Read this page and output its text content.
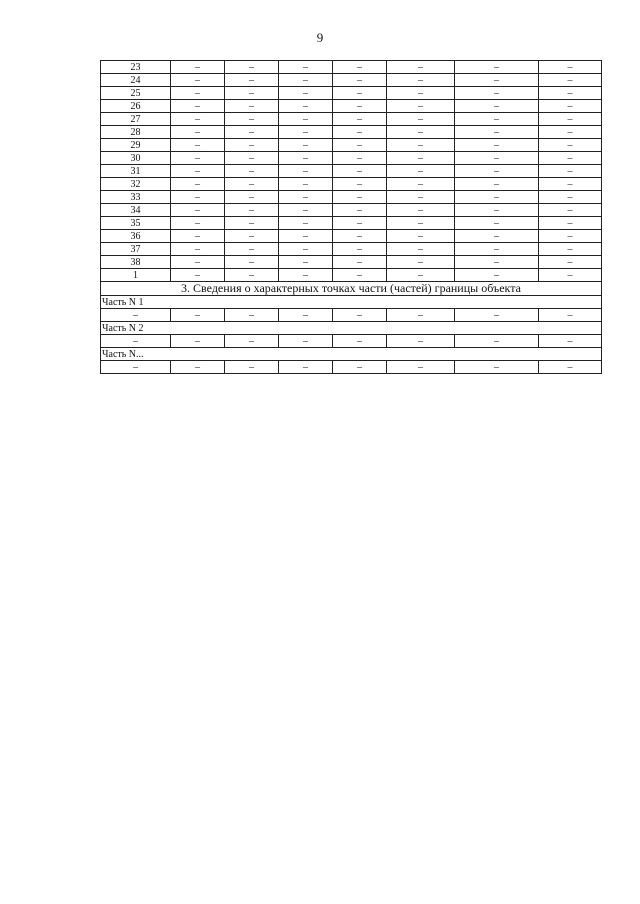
9
23	–	–	–	–	–	–	–
24	–	–	–	–	–	–	–
25	–	–	–	–	–	–	–
26	–	–	–	–	–	–	–
27	–	–	–	–	–	–	–
28	–	–	–	–	–	–	–
29	–	–	–	–	–	–	–
30	–	–	–	–	–	–	–
31	–	–	–	–	–	–	–
32	–	–	–	–	–	–	–
33	–	–	–	–	–	–	–
34	–	–	–	–	–	–	–
35	–	–	–	–	–	–	–
36	–	–	–	–	–	–	–
37	–	–	–	–	–	–	–
38	–	–	–	–	–	–	–
1	–	–	–	–	–	–	–
3. Сведения о характерных точках части (частей) границы объекта							
Часть N 1							
–	–	–	–	–	–	–	–
Часть N 2							
–	–	–	–	–	–	–	–
Часть N...							
–	–	–	–	–	–	–	–
